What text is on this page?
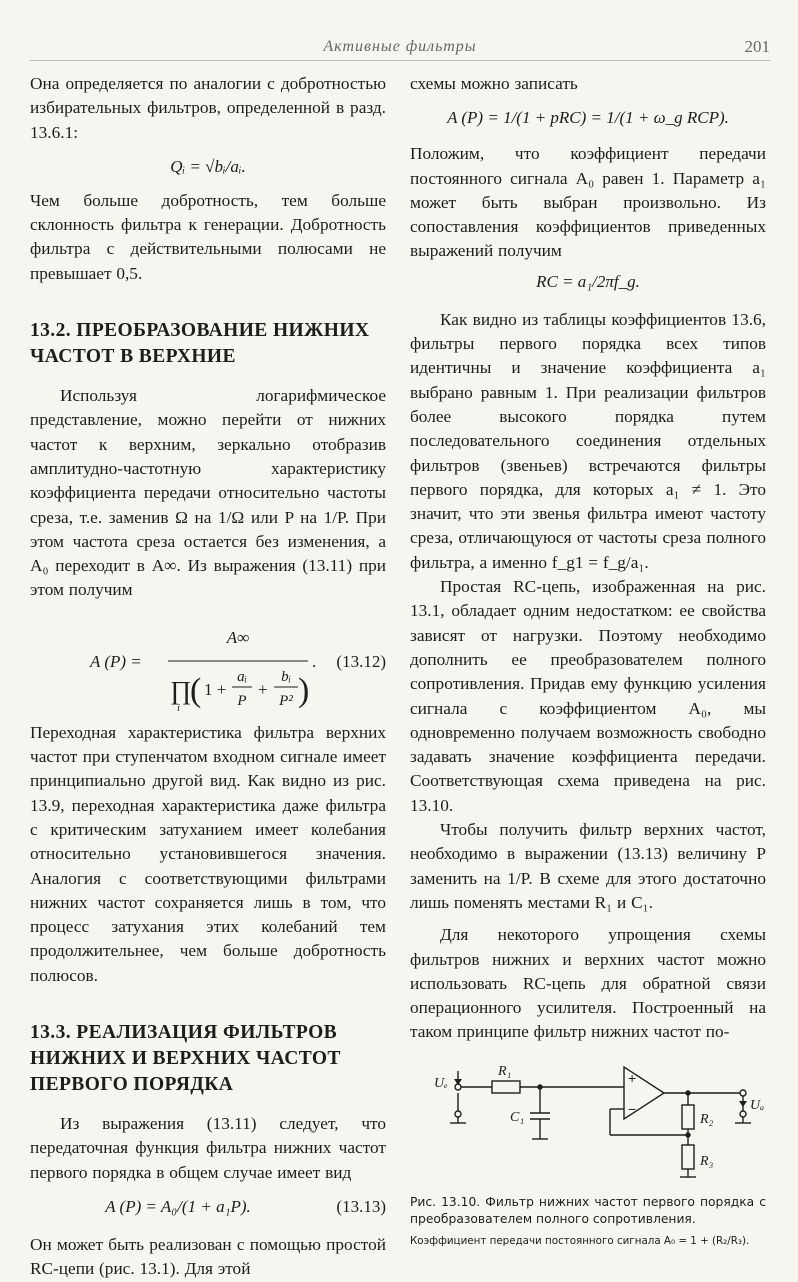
Активные фильтры	201

Она определяется по аналогии с добротностью избирательных фильтров, определенной в разд. 13.6.1:

Qᵢ = √bᵢ/aᵢ.

Чем больше добротность, тем больше склонность фильтра к генерации. Добротность фильтра с действительными полюсами не превышает 0,5.

13.2. ПРЕОБРАЗОВАНИЕ НИЖНИХ ЧАСТОТ В ВЕРХНИЕ

Используя логарифмическое представление, можно перейти от нижних частот к верхним, зеркально отобразив амплитудно-частотную характеристику коэффициента передачи относительно частоты среза, т.е. заменив Ω на 1/Ω или P на 1/P. При этом частота среза остается без изменения, а A₀ переходит в A∞. Из выражения (13.11) при этом получим

A (P) =
A∞
∏
i ( 1 +
aᵢ
P
+
bᵢ
P² )
. (13.12)

Переходная характеристика фильтра верхних частот при ступенчатом входном сигнале имеет принципиально другой вид. Как видно из рис. 13.9, переходная характеристика даже фильтра с критическим затуханием имеет колебания относительно установившегося значения. Аналогия с соответствующими фильтрами нижних частот сохраняется лишь в том, что процесс затухания этих колебаний тем продолжительнее, чем больше добротность полюсов.

13.3. РЕАЛИЗАЦИЯ ФИЛЬТРОВ НИЖНИХ И ВЕРХНИХ ЧАСТОТ ПЕРВОГО ПОРЯДКА

Из выражения (13.11) следует, что передаточная функция фильтра нижних частот первого порядка в общем случае имеет вид

A (P) = A₀/(1 + a₁P).	(13.13)

Он может быть реализован с помощью простой RC-цепи (рис. 13.1). Для этой

схемы можно записать

A (P) = 1/(1 + pRC) = 1/(1 + ω_g RCP).

Положим, что коэффициент передачи постоянного сигнала A₀ равен 1. Параметр a₁ может быть выбран произвольно. Из сопоставления коэффициентов приведенных выражений получим

RC = a₁/2πf_g.

Как видно из таблицы коэффициентов 13.6, фильтры первого порядка всех типов идентичны и значение коэффициента a₁ выбрано равным 1. При реализации фильтров более высокого порядка путем последовательного соединения отдельных фильтров (звеньев) встречаются фильтры первого порядка, для которых a₁ ≠ 1. Это значит, что эти звенья фильтра имеют частоту среза, отличающуюся от частоты среза полного фильтра, а именно f_g1 = f_g/a₁.

Простая RC-цепь, изображенная на рис. 13.1, обладает одним недостатком: ее свойства зависят от нагрузки. Поэтому необходимо дополнить ее преобразователем полного сопротивления. Придав ему функцию усиления сигнала с коэффициентом A₀, мы одновременно получаем возможность свободно задавать значение коэффициента передачи. Соответствующая схема приведена на рис. 13.10.

Чтобы получить фильтр верхних частот, необходимо в выражении (13.13) величину P заменить на 1/P. В схеме для этого достаточно лишь поменять местами R₁ и C₁.

Для некоторого упрощения схемы фильтров нижних и верхних частот можно использовать RC-цепь для обратной связи операционного усилителя. Построенный на таком принципе фильтр нижних частот по-

Uₑ
R₁
C₁	R₂
R₃
Uₐ
+
−

Рис. 13.10. Фильтр нижних частот первого порядка с преобразователем полного сопротивления.

Коэффициент передачи постоянного сигнала A₀ = 1 + (R₂/R₃).
